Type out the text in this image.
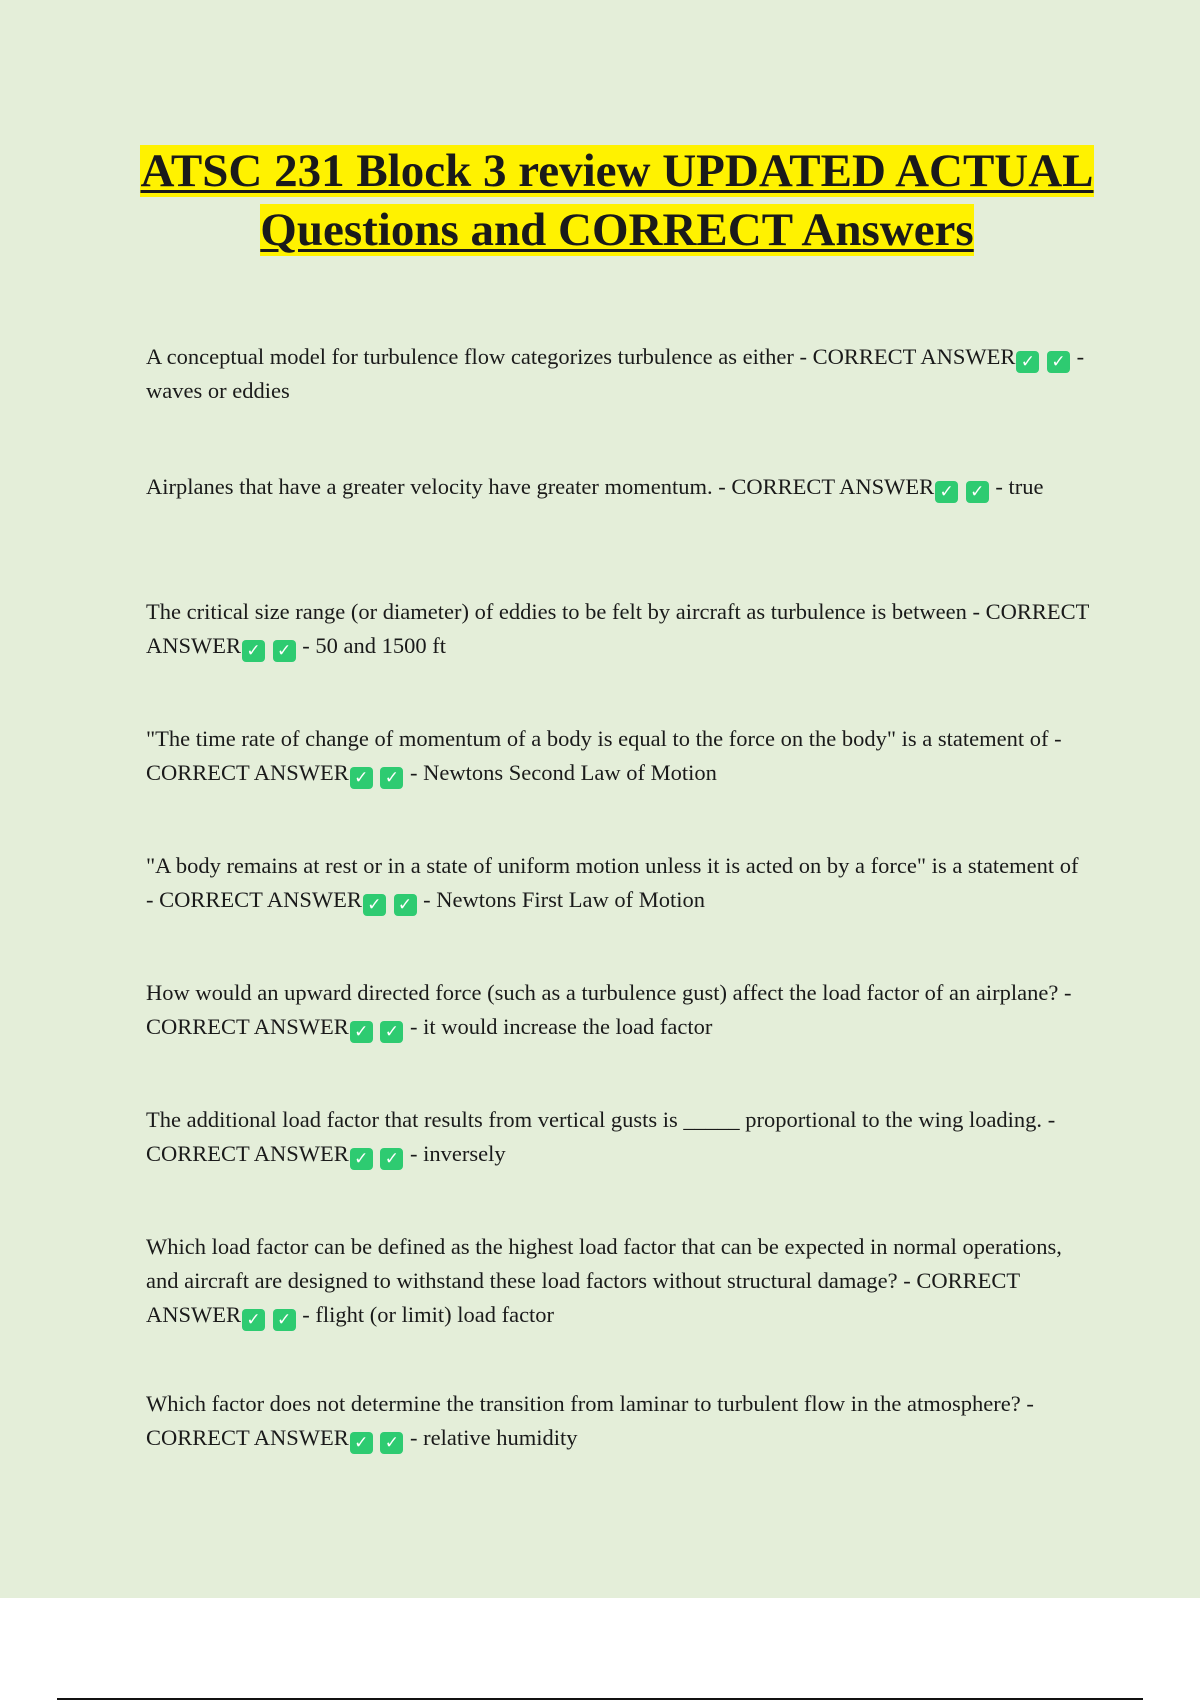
ATSC 231 Block 3 review UPDATED ACTUAL Questions and CORRECT Answers
A conceptual model for turbulence flow categorizes turbulence as either - CORRECT ANSWER ✓ ✓ - waves or eddies
Airplanes that have a greater velocity have greater momentum. - CORRECT ANSWER ✓ ✓ - true
The critical size range (or diameter) of eddies to be felt by aircraft as turbulence is between - CORRECT ANSWER ✓ ✓ - 50 and 1500 ft
"The time rate of change of momentum of a body is equal to the force on the body" is a statement of - CORRECT ANSWER ✓ ✓ - Newtons Second Law of Motion
"A body remains at rest or in a state of uniform motion unless it is acted on by a force" is a statement of - CORRECT ANSWER ✓ ✓ - Newtons First Law of Motion
How would an upward directed force (such as a turbulence gust) affect the load factor of an airplane? - CORRECT ANSWER ✓ ✓ - it would increase the load factor
The additional load factor that results from vertical gusts is _____ proportional to the wing loading. - CORRECT ANSWER ✓ ✓ - inversely
Which load factor can be defined as the highest load factor that can be expected in normal operations, and aircraft are designed to withstand these load factors without structural damage? - CORRECT ANSWER ✓ ✓ - flight (or limit) load factor
Which factor does not determine the transition from laminar to turbulent flow in the atmosphere? - CORRECT ANSWER ✓ ✓ - relative humidity
